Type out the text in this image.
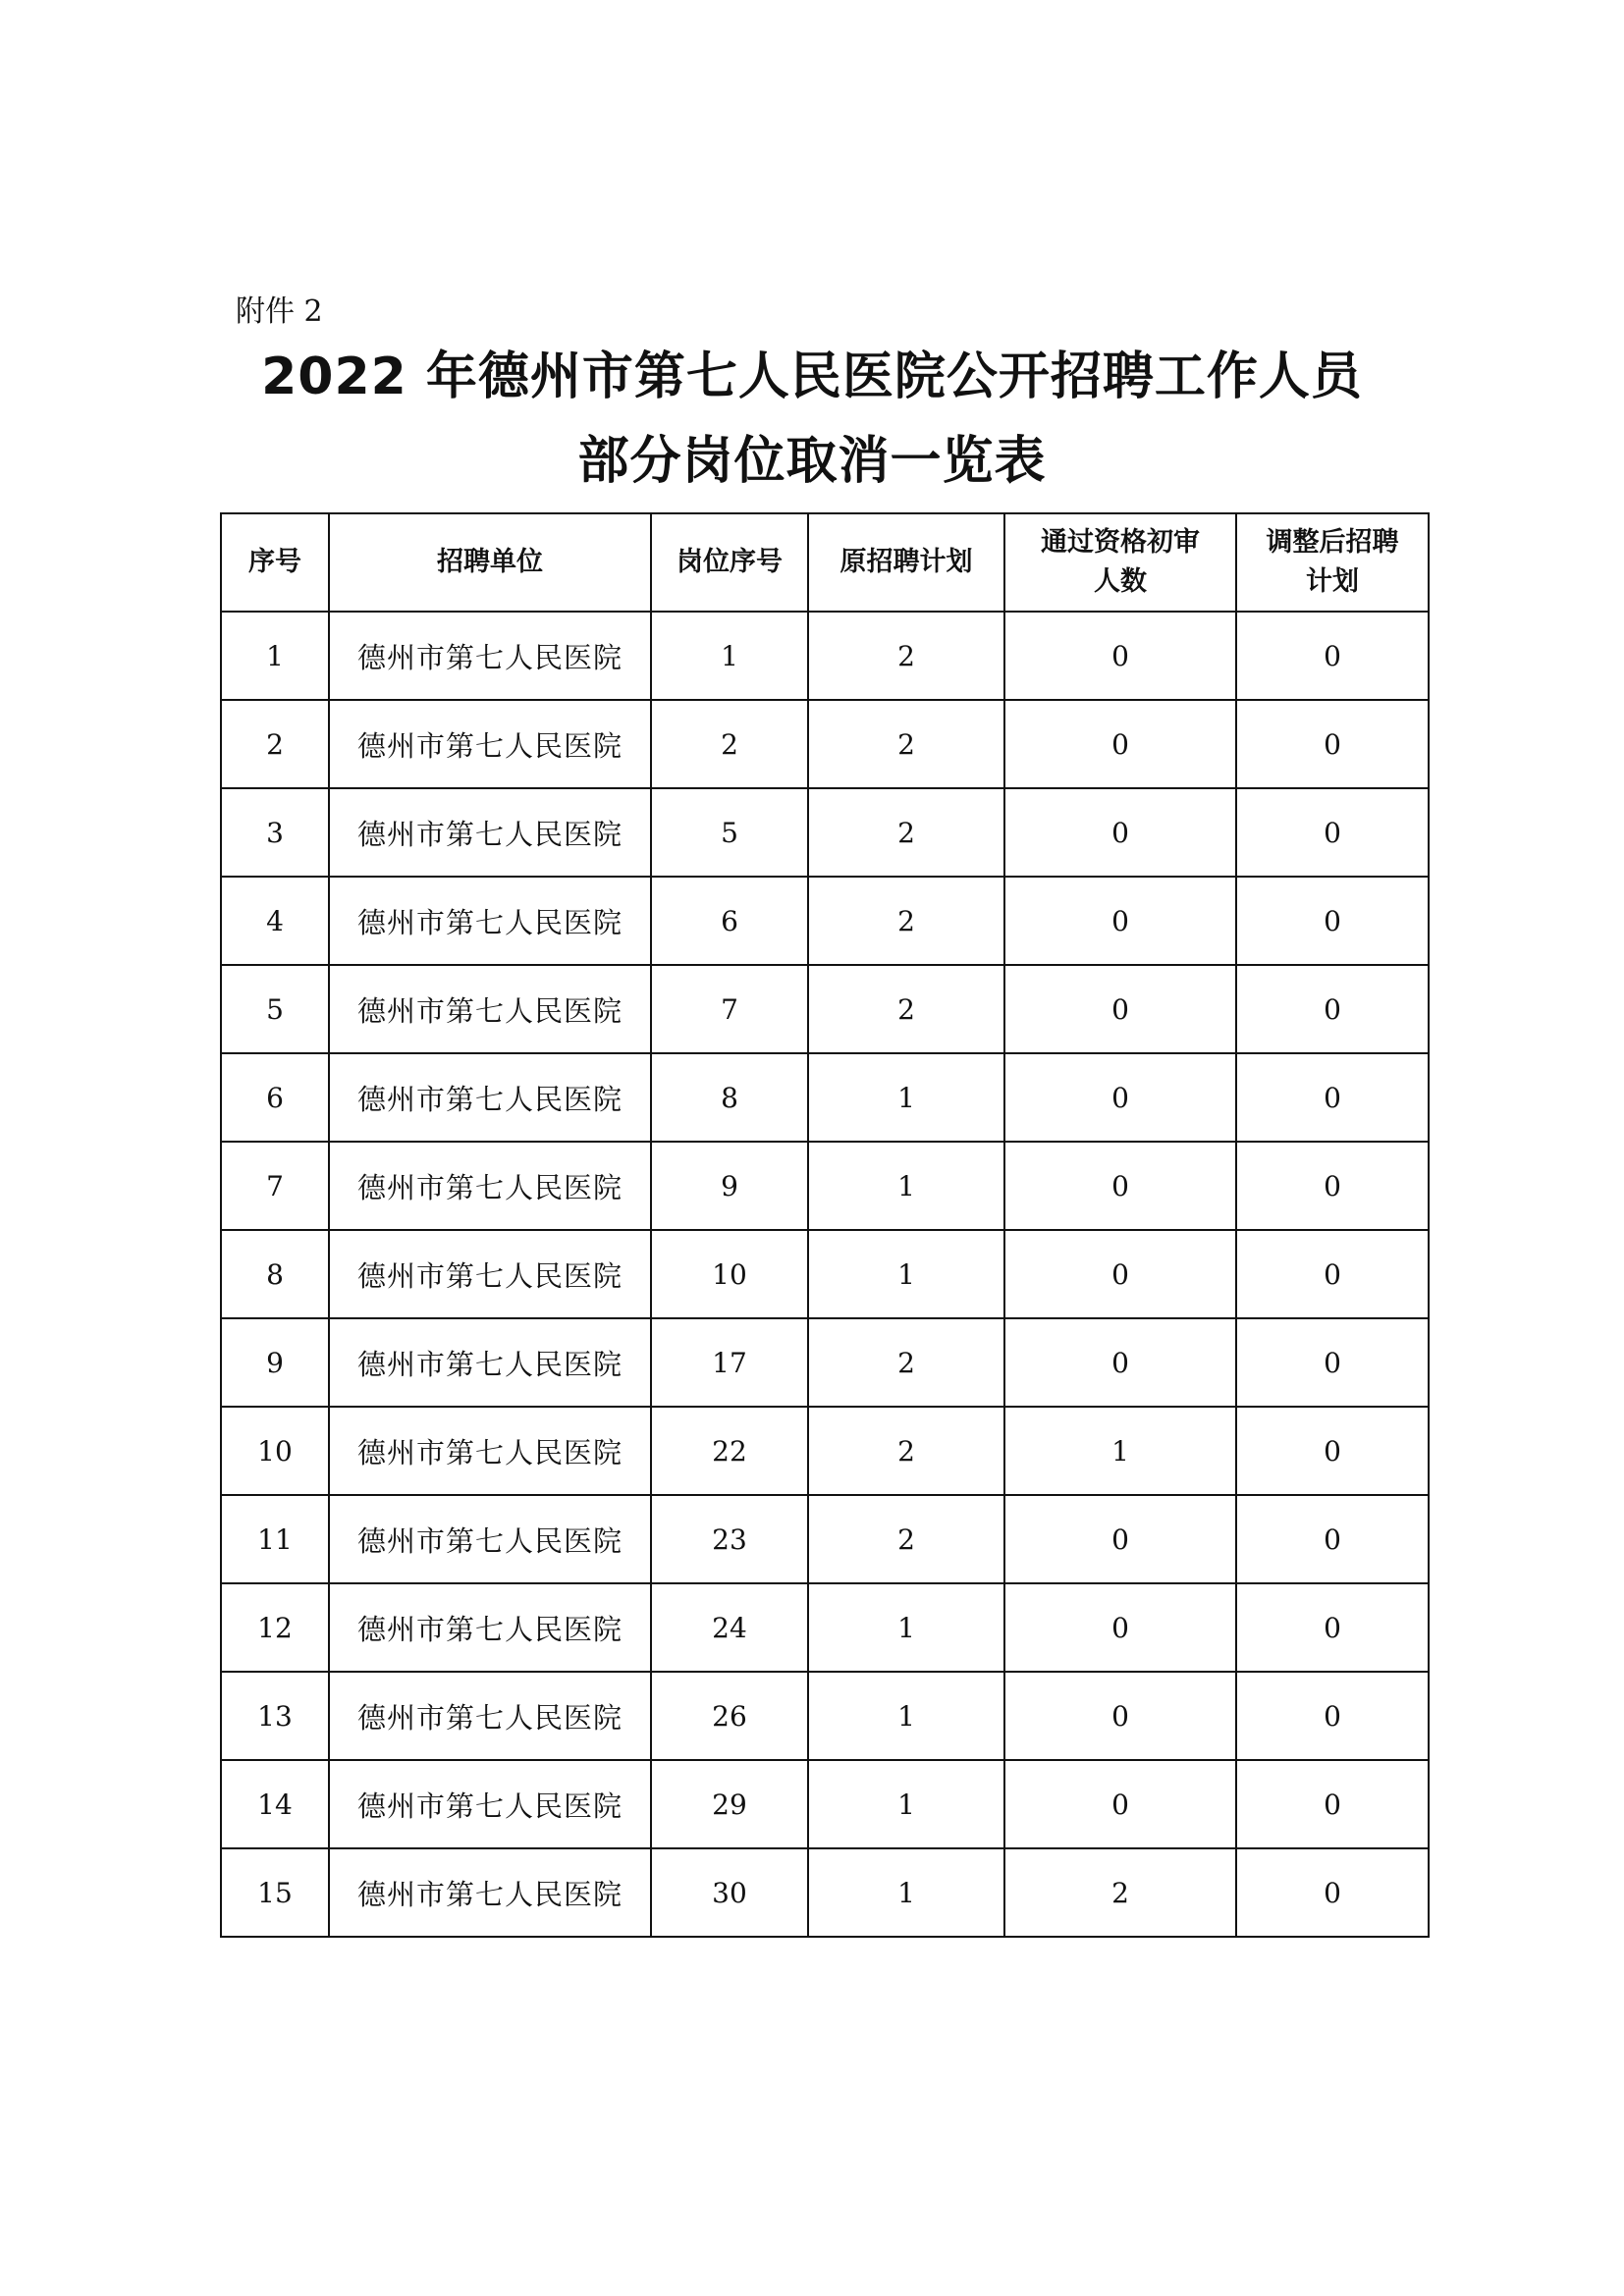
附件 2
2022 年德州市第七人民医院公开招聘工作人员
部分岗位取消一览表
序号	招聘单位	岗位序号	原招聘计划	通过资格初审人数	调整后招聘计划
1	德州市第七人民医院	1	2	0	0
2	德州市第七人民医院	2	2	0	0
3	德州市第七人民医院	5	2	0	0
4	德州市第七人民医院	6	2	0	0
5	德州市第七人民医院	7	2	0	0
6	德州市第七人民医院	8	1	0	0
7	德州市第七人民医院	9	1	0	0
8	德州市第七人民医院	10	1	0	0
9	德州市第七人民医院	17	2	0	0
10	德州市第七人民医院	22	2	1	0
11	德州市第七人民医院	23	2	0	0
12	德州市第七人民医院	24	1	0	0
13	德州市第七人民医院	26	1	0	0
14	德州市第七人民医院	29	1	0	0
15	德州市第七人民医院	30	1	2	0
